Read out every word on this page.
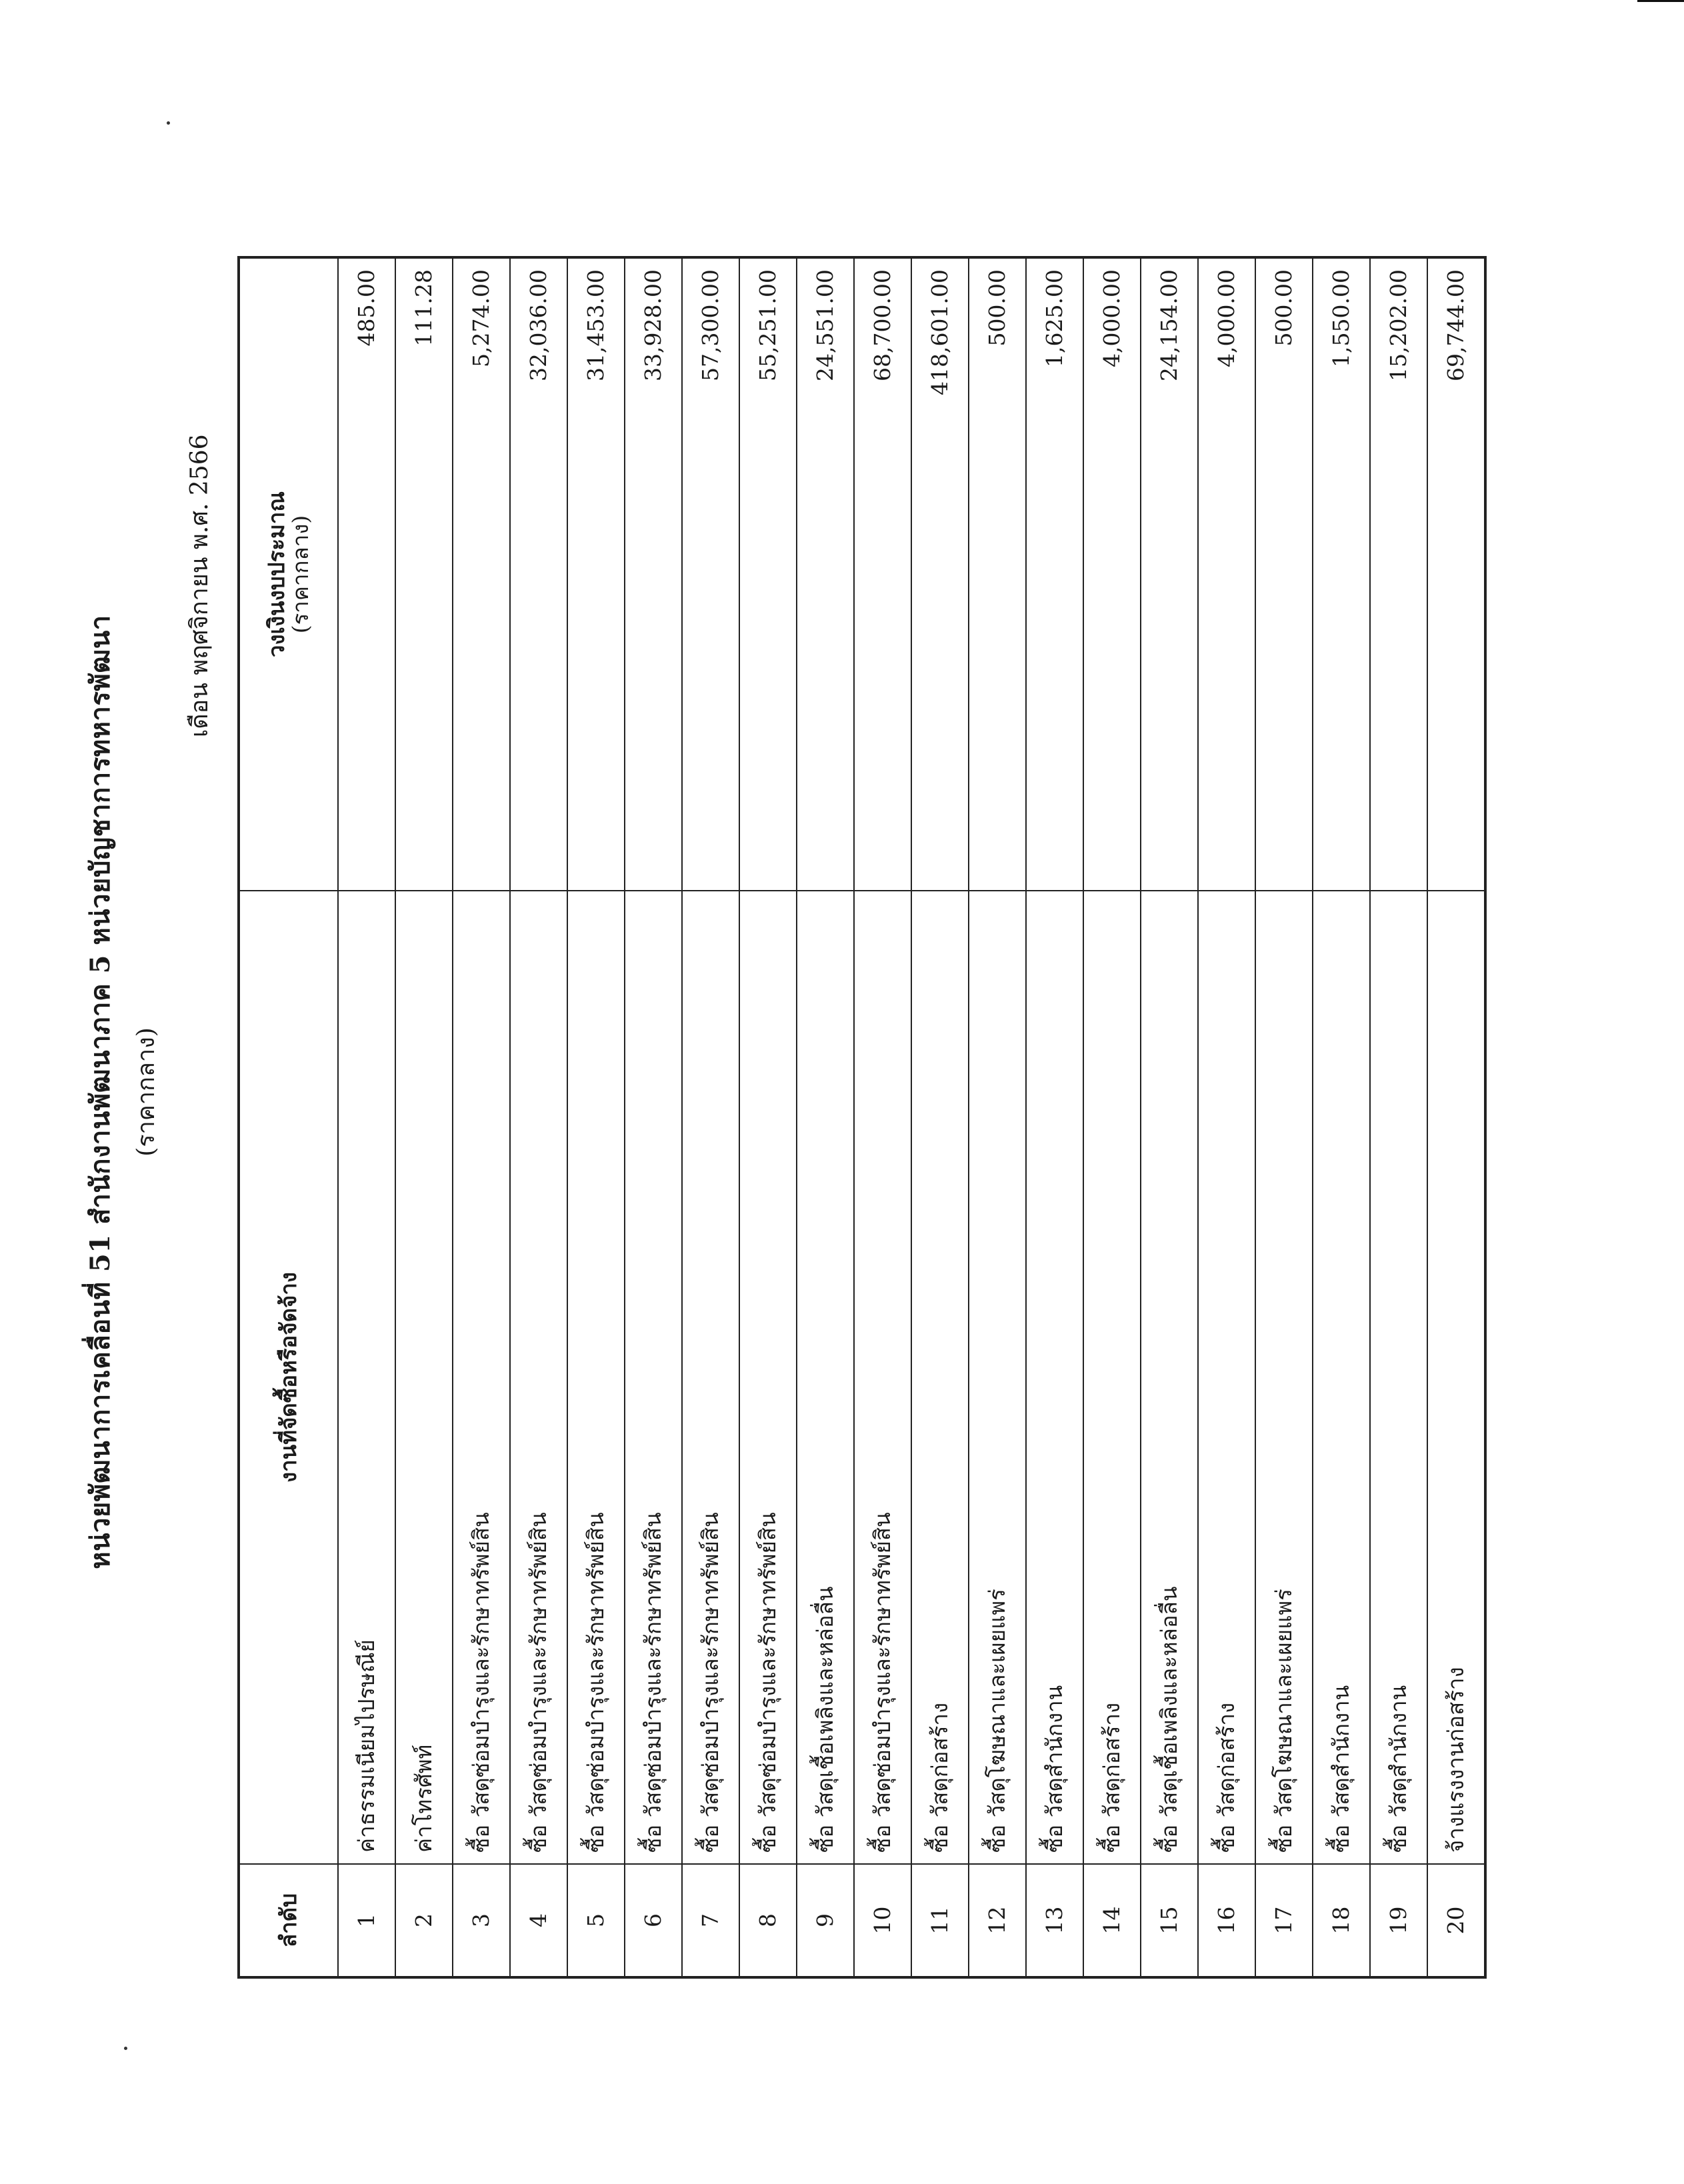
หน่วยพัฒนาการเคลื่อนที่ 51 สำนักงานพัฒนาภาค 5 หน่วยบัญชาการทหารพัฒนา (ราคากลาง)
เดือน พฤศจิกายน พ.ศ. 2566
ลำดับ	งานที่จัดซื้อหรือจัดจ้าง	วงเงินงบประมาณ
(ราคากลาง)

1	ค่าธรรมเนียมไปรษณีย์	485.00
2	ค่าโทรศัพท์	111.28
3	ซื้อ วัสดุซ่อมบำรุงและรักษาทรัพย์สิน	5,274.00
4	ซื้อ วัสดุซ่อมบำรุงและรักษาทรัพย์สิน	32,036.00
5	ซื้อ วัสดุซ่อมบำรุงและรักษาทรัพย์สิน	31,453.00
6	ซื้อ วัสดุซ่อมบำรุงและรักษาทรัพย์สิน	33,928.00
7	ซื้อ วัสดุซ่อมบำรุงและรักษาทรัพย์สิน	57,300.00
8	ซื้อ วัสดุซ่อมบำรุงและรักษาทรัพย์สิน	55,251.00
9	ซื้อ วัสดุเชื้อเพลิงและหล่อลื่น	24,551.00
10	ซื้อ วัสดุซ่อมบำรุงและรักษาทรัพย์สิน	68,700.00
11	ซื้อ วัสดุก่อสร้าง	418,601.00
12	ซื้อ วัสดุโฆษณาและเผยแพร่	500.00
13	ซื้อ วัสดุสำนักงาน	1,625.00
14	ซื้อ วัสดุก่อสร้าง	4,000.00
15	ซื้อ วัสดุเชื้อเพลิงและหล่อลื่น	24,154.00
16	ซื้อ วัสดุก่อสร้าง	4,000.00
17	ซื้อ วัสดุโฆษณาและเผยแพร่	500.00
18	ซื้อ วัสดุสำนักงาน	1,550.00
19	ซื้อ วัสดุสำนักงาน	15,202.00
20	จ้างแรงงานก่อสร้าง	69,744.00
